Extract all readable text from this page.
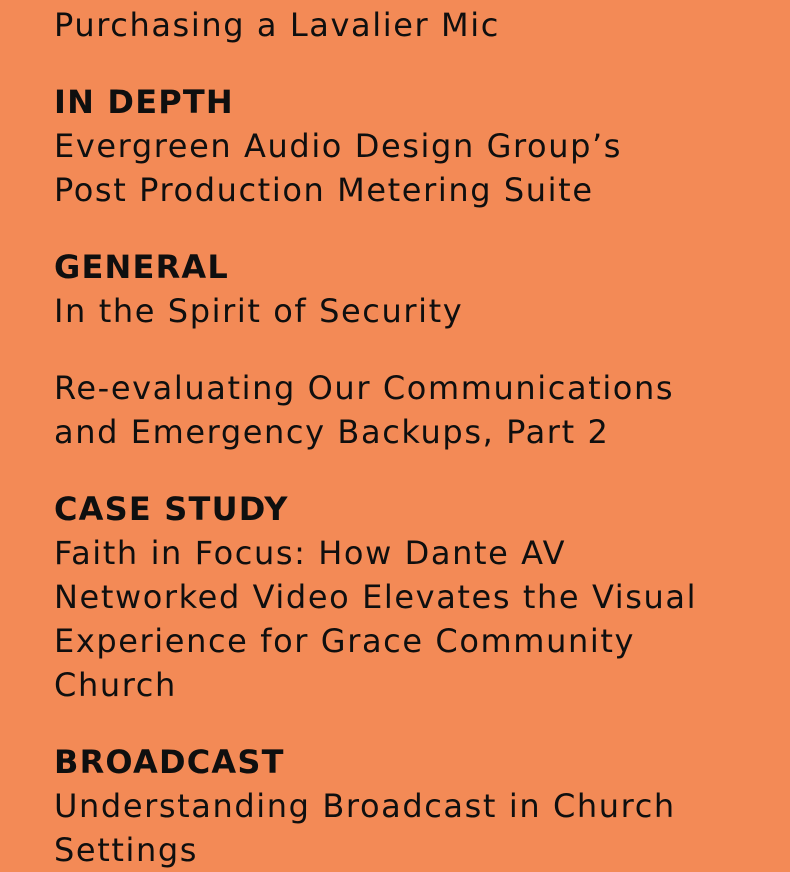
Purchasing a Lavalier Mic

IN DEPTH

Evergreen Audio Design Group’s Post Production Metering Suite

GENERAL

In the Spirit of Security

Re-evaluating Our Communications and Emergency Backups, Part 2

CASE STUDY

Faith in Focus: How Dante AV Networked Video Elevates the Visual Experience for Grace Community Church

BROADCAST

Understanding Broadcast in Church Settings
